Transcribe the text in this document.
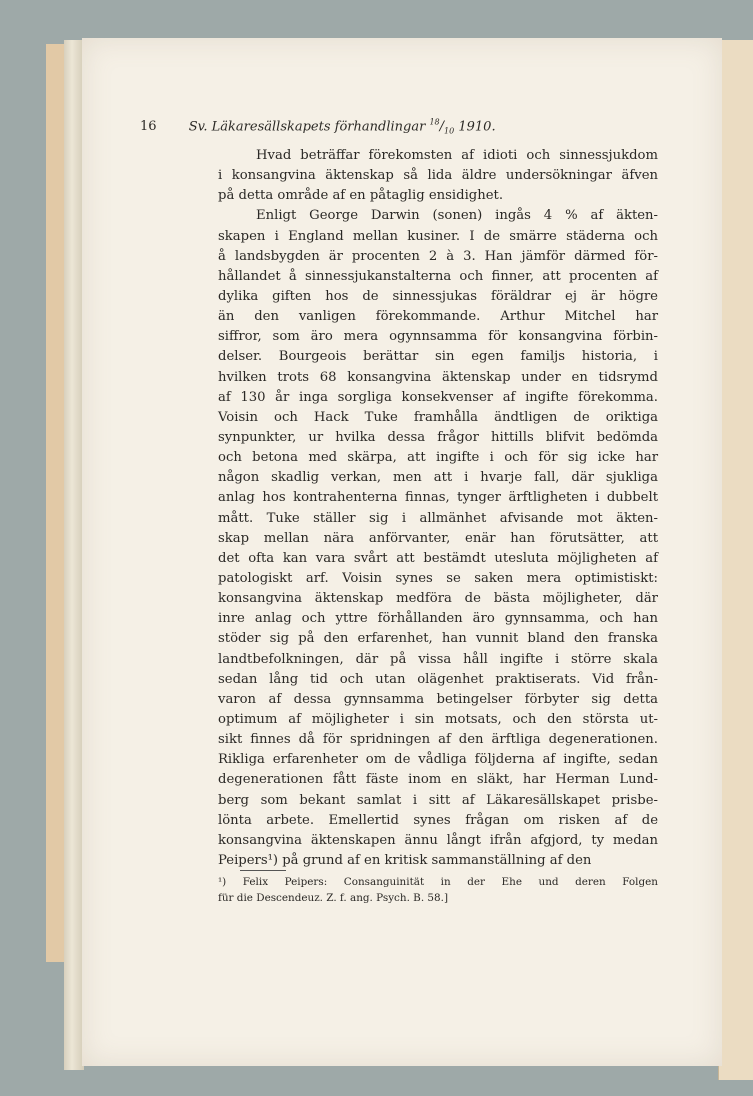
16 Sv. Läkaresällskapets förhandlingar $^{18}/_{10}$ 1910.
Hvad beträffar förekomsten af idioti och sinnessjukdom
i konsangvina äktenskap så lida äldre undersökningar äfven
på detta område af en påtaglig ensidighet.
Enligt George Darwin (sonen) ingås 4 % af äkten-
skapen i England mellan kusiner. I de smärre städerna och
å landsbygden är procenten 2 à 3. Han jämför därmed för-
hållandet å sinnessjukanstalterna och finner, att procenten af
dylika giften hos de sinnessjukas föräldrar ej är högre
än den vanligen förekommande. Arthur Mitchel har
siffror, som äro mera ogynnsamma för konsangvina förbin-
delser. Bourgeois berättar sin egen familjs historia, i
hvilken trots 68 konsangvina äktenskap under en tidsrymd
af 130 år inga sorgliga konsekvenser af ingifte förekomma.
Voisin och Hack Tuke framhålla ändtligen de oriktiga
synpunkter, ur hvilka dessa frågor hittills blifvit bedömda
och betona med skärpa, att ingifte i och för sig icke har
någon skadlig verkan, men att i hvarje fall, där sjukliga
anlag hos kontrahenterna finnas, tynger ärftligheten i dubbelt
mått. Tuke ställer sig i allmänhet afvisande mot äkten-
skap mellan nära anförvanter, enär han förutsätter, att
det ofta kan vara svårt att bestämdt utesluta möjligheten af
patologiskt arf. Voisin synes se saken mera optimistiskt:
konsangvina äktenskap medföra de bästa möjligheter, där
inre anlag och yttre förhållanden äro gynnsamma, och han
stöder sig på den erfarenhet, han vunnit bland den franska
landtbefolkningen, där på vissa håll ingifte i större skala
sedan lång tid och utan olägenhet praktiserats. Vid från-
varon af dessa gynnsamma betingelser förbyter sig detta
optimum af möjligheter i sin motsats, och den största ut-
sikt finnes då för spridningen af den ärftliga degenerationen.
Rikliga erfarenheter om de vådliga följderna af ingifte, sedan
degenerationen fått fäste inom en släkt, har Herman Lund-
berg som bekant samlat i sitt af Läkaresällskapet prisbe-
lönta arbete. Emellertid synes frågan om risken af de
konsangvina äktenskapen ännu långt ifrån afgjord, ty medan
Peipers¹) på grund af en kritisk sammanställning af den
¹) Felix Peipers: Consanguinität in der Ehe und deren Folgen
für die Descendeuz. Z. f. ang. Psych. B. 58.]
